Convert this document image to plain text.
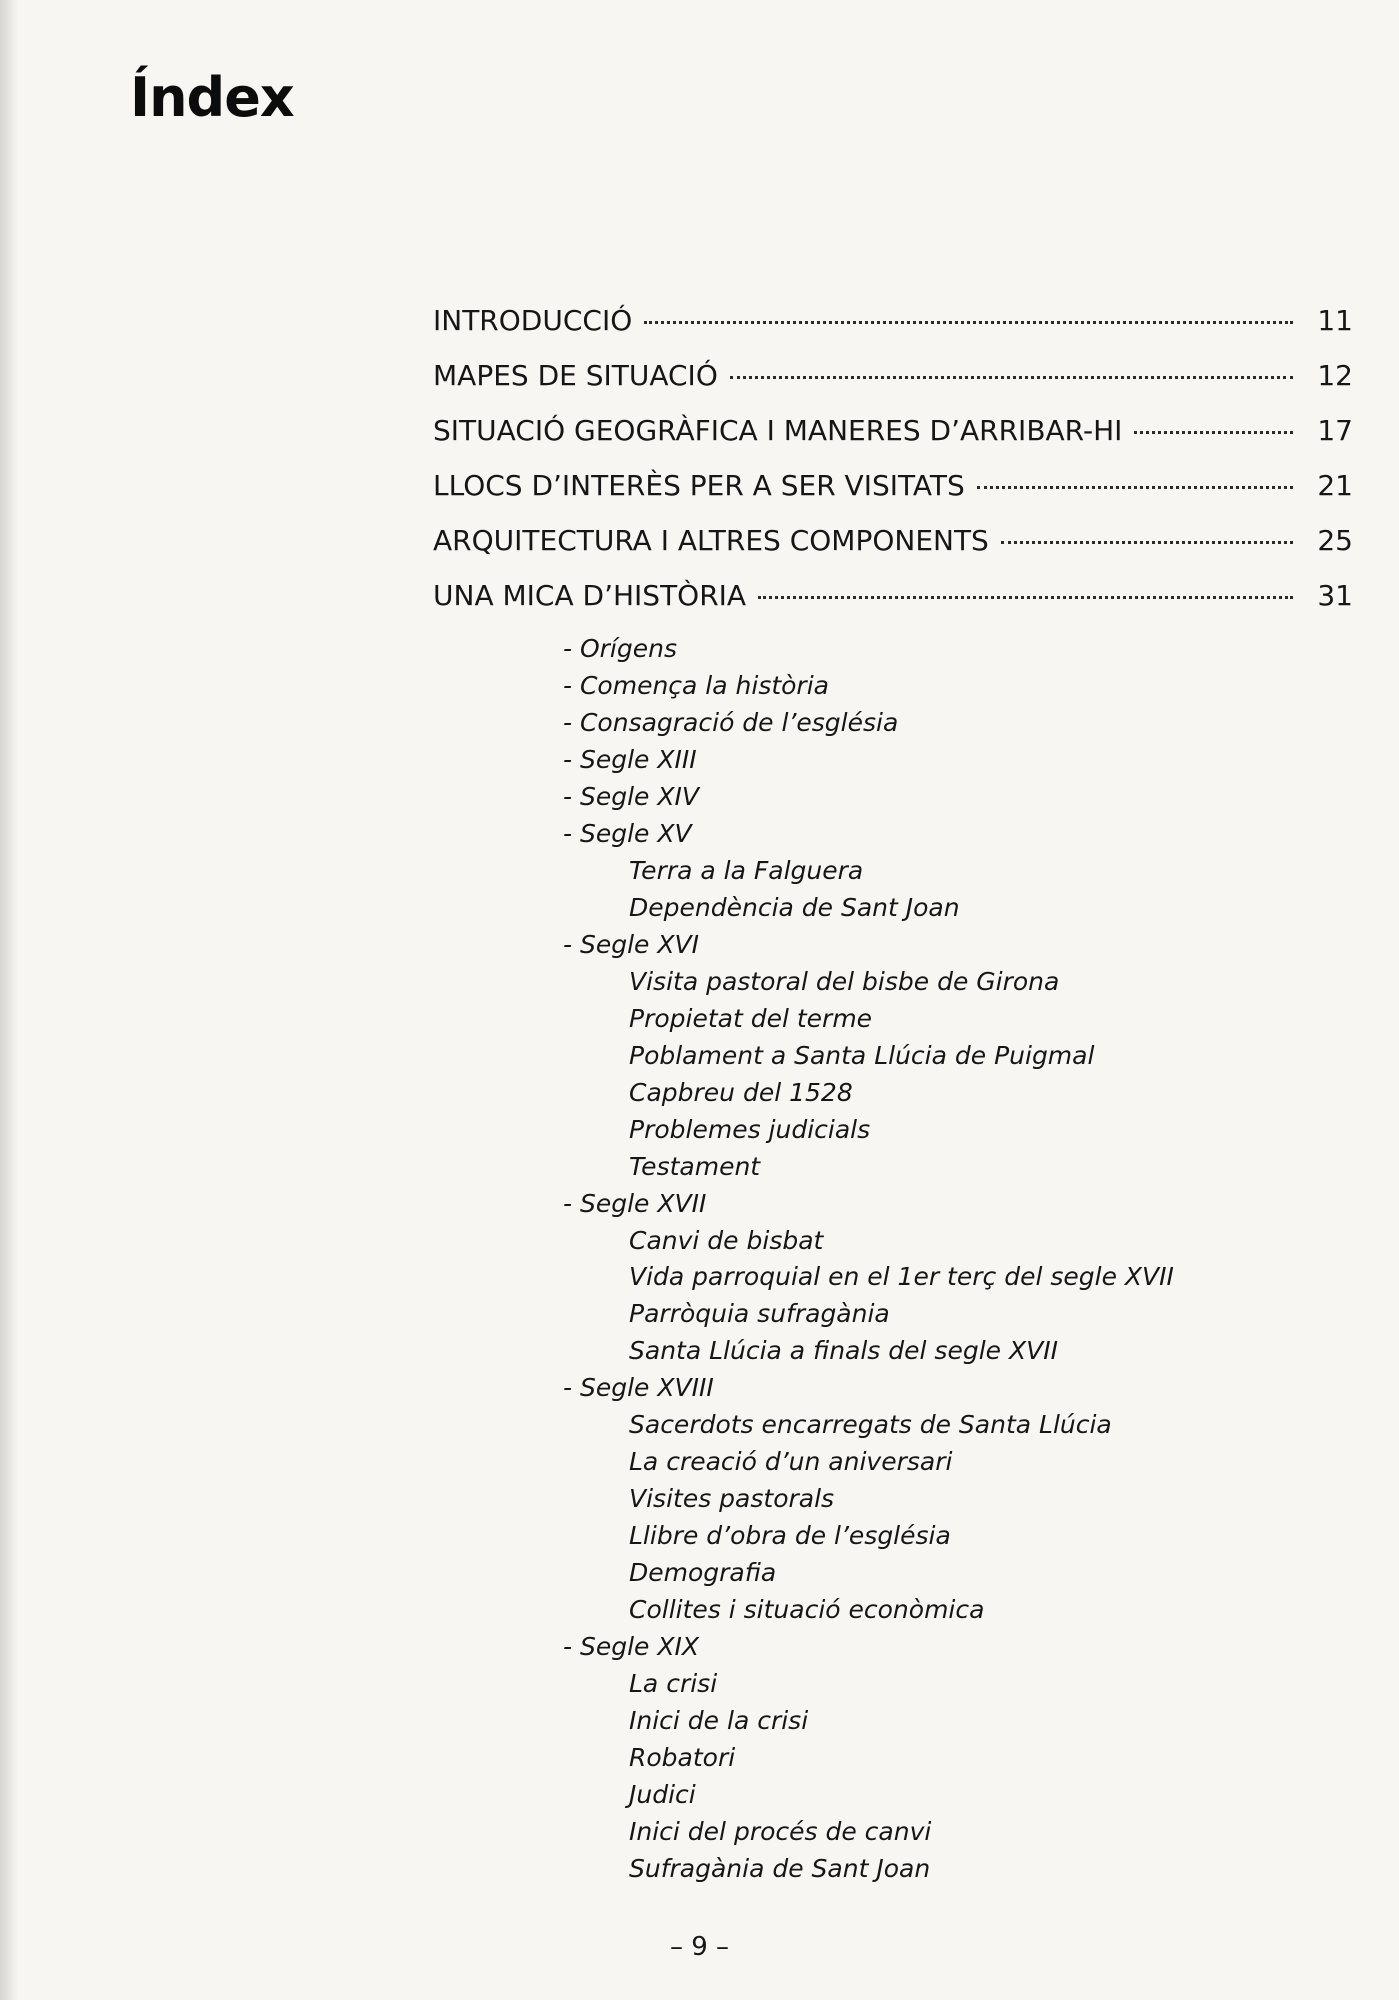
Índex
INTRODUCCIÓ	11
MAPES DE SITUACIÓ	12
SITUACIÓ GEOGRÀFICA I MANERES D’ARRIBAR-HI	17
LLOCS D’INTERÈS PER A SER VISITATS	21
ARQUITECTURA I ALTRES COMPONENTS	25
UNA MICA D’HISTÒRIA	31
- Orígens
- Comença la història
- Consagració de l’església
- Segle XIII
- Segle XIV
- Segle XV
Terra a la Falguera
Dependència de Sant Joan
- Segle XVI
Visita pastoral del bisbe de Girona
Propietat del terme
Poblament a Santa Llúcia de Puigmal
Capbreu del 1528
Problemes judicials
Testament
- Segle XVII
Canvi de bisbat
Vida parroquial en el 1er terç del segle XVII
Parròquia sufragània
Santa Llúcia a finals del segle XVII
- Segle XVIII
Sacerdots encarregats de Santa Llúcia
La creació d’un aniversari
Visites pastorals
Llibre d’obra de l’església
Demografia
Collites i situació econòmica
- Segle XIX
La crisi
Inici de la crisi
Robatori
Judici
Inici del procés de canvi
Sufragània de Sant Joan
– 9 –
